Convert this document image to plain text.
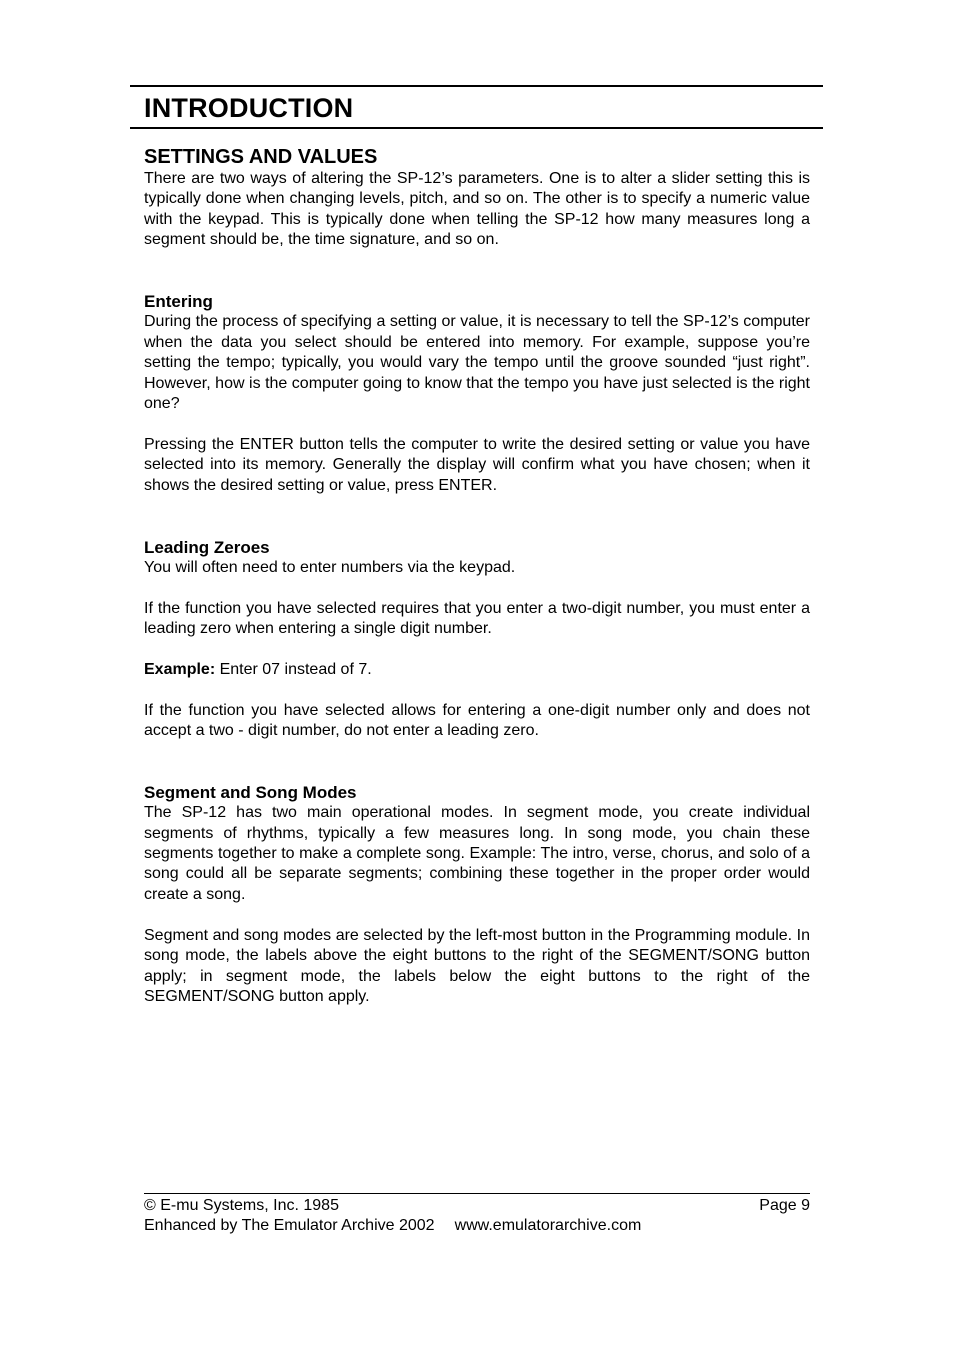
INTRODUCTION
SETTINGS AND VALUES

There are two ways of altering the SP-12’s parameters. One is to alter a slider setting this is typically done when changing levels, pitch, and so on. The other is to specify a numeric value with the keypad. This is typically done when telling the SP-12 how many measures long a segment should be, the time signature, and so on.

Entering

During the process of specifying a setting or value, it is necessary to tell the SP-12’s computer when the data you select should be entered into memory. For example, suppose you’re setting the tempo; typically, you would vary the tempo until the groove sounded “just right”. However, how is the computer going to know that the tempo you have just selected is the right one?

Pressing the ENTER button tells the computer to write the desired setting or value you have selected into its memory. Generally the display will confirm what you have chosen; when it shows the desired setting or value, press ENTER.

Leading Zeroes

You will often need to enter numbers via the keypad.

If the function you have selected requires that you enter a two-digit number, you must enter a leading zero when entering a single digit number.

Example: Enter 07 instead of 7.

If the function you have selected allows for entering a one-digit number only and does not accept a two - digit number, do not enter a leading zero.

Segment and Song Modes

The SP-12 has two main operational modes. In segment mode, you create individual segments of rhythms, typically a few measures long. In song mode, you chain these segments together to make a complete song. Example: The intro, verse, chorus, and solo of a song could all be separate segments; combining these together in the proper order would create a song.

Segment and song modes are selected by the left-most button in the Programming module. In song mode, the labels above the eight buttons to the right of the SEGMENT/SONG button apply; in segment mode, the labels below the eight buttons to the right of the SEGMENT/SONG button apply.

© E-mu Systems, Inc. 1985	Page 9
Enhanced by The Emulator Archive 2002 www.emulatorarchive.com
